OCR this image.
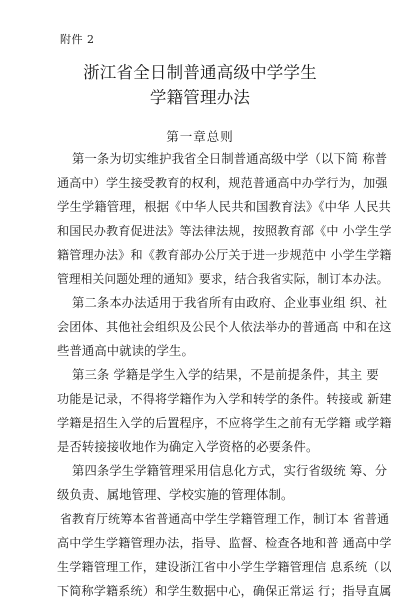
附件 2
浙江省全日制普通高级中学学生
学籍管理办法
第一章总则
第一条为切实维护我省全日制普通高级中学（以下简 称普
通高中）学生接受教育的权利，规范普通高中办学行为，加强
学生学籍管理，根据《中华人民共和国教育法》《中华 人民共
和国民办教育促进法》等法律法规，按照教育部《中 小学生学
籍管理办法》和《教育部办公厅关于进一步规范中 小学生学籍
管理相关问题处理的通知》要求，结合我省实际，制订本办法。
第二条本办法适用于我省所有由政府、企业事业组 织、社
会团体、其他社会组织及公民个人依法举办的普通高 中和在这
些普通高中就读的学生。
第三条 学籍是学生入学的结果，不是前提条件，其主 要
功能是记录，不得将学籍作为入学和转学的条件。转接或 新建
学籍是招生入学的后置程序，不应将学生之前有无学籍 或学籍
是否转接接收地作为确定入学资格的必要条件。
第四条学生学籍管理采用信息化方式，实行省级统 筹、分
级负责、属地管理、学校实施的管理体制。
省教育厅统筹本省普通高中学生学籍管理工作，制订本 省普通
高中学生学籍管理办法，指导、监督、检查各地和普 通高中学
生学籍管理工作，建设浙江省中小学生学籍管理信 息系统（以
下简称学籍系统）和学生数据中心，确保正常运 行；指导直属
